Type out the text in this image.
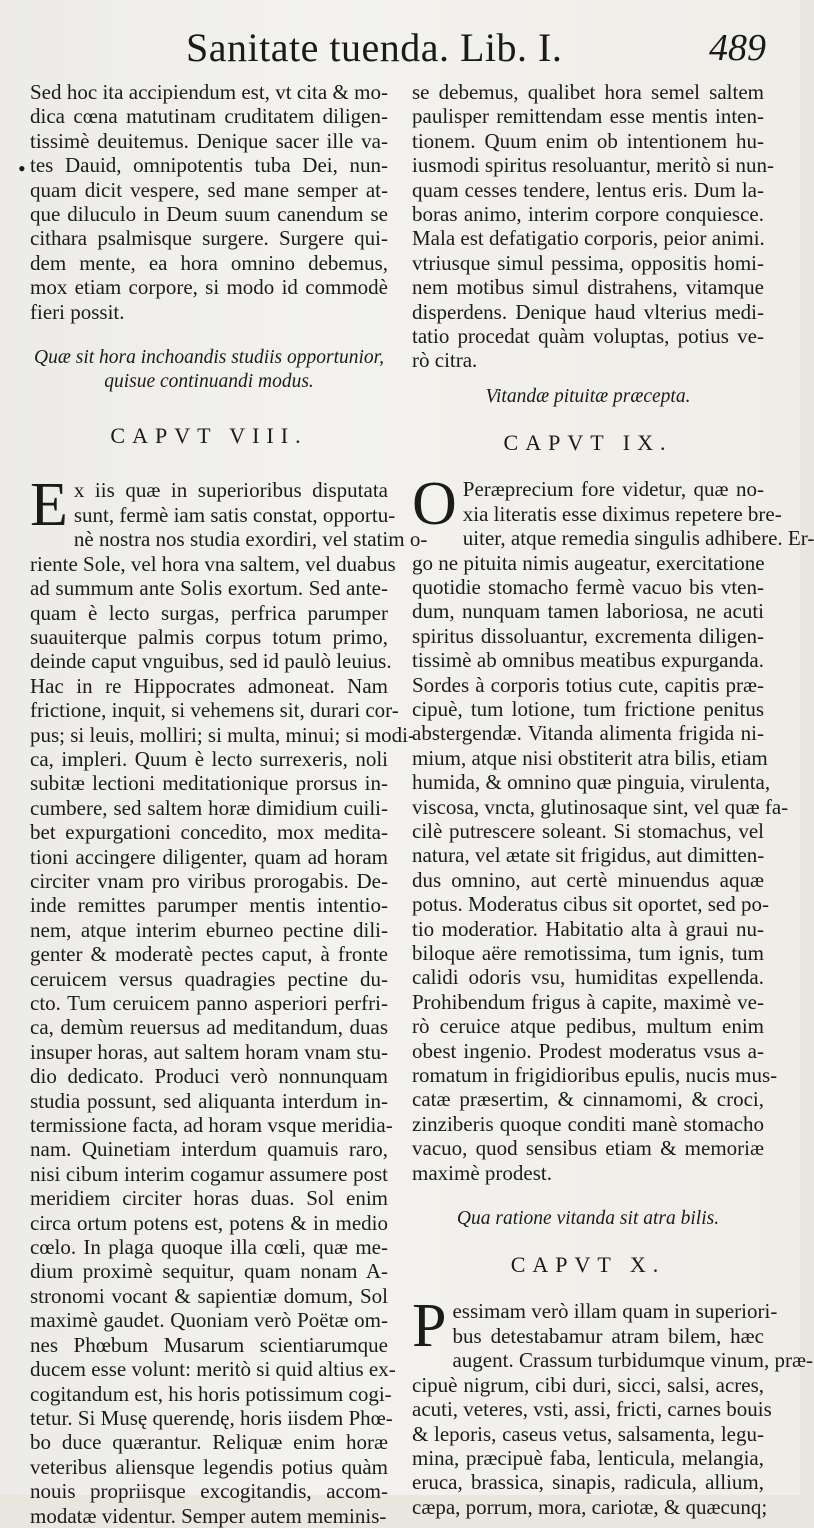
Sanitate tuenda. Lib. I.	489
•
Sed hoc ita accipiendum est, vt cita & mo-
dica cœna matutinam cruditatem diligen-
tissimè deuitemus. Denique sacer ille va-
tes Dauid, omnipotentis tuba Dei, nun-
quam dicit vespere, sed mane semper at-
que diluculo in Deum suum canendum se
cithara psalmisque surgere. Surgere qui-
dem mente, ea hora omnino debemus,
mox etiam corpore, si modo id commodè
fieri possit.
Quæ sit hora inchoandis studiis opportunior,
quisue continuandi modus.
CAPVT VIII.
E x iis quæ in superioribus disputata
sunt, fermè iam satis constat, opportu-
nè nostra nos studia exordiri, vel statim o-
riente Sole, vel hora vna saltem, vel duabus
ad summum ante Solis exortum. Sed ante-
quam è lecto surgas, perfrica parumper
suauiterque palmis corpus totum primo,
deinde caput vnguibus, sed id paulò leuius.
Hac in re Hippocrates admoneat. Nam
frictione, inquit, si vehemens sit, durari cor-
pus; si leuis, molliri; si multa, minui; si modi-
ca, impleri. Quum è lecto surrexeris, noli
subitæ lectioni meditationique prorsus in-
cumbere, sed saltem horæ dimidium cuili-
bet expurgationi concedito, mox medita-
tioni accingere diligenter, quam ad horam
circiter vnam pro viribus prorogabis. De-
inde remittes parumper mentis intentio-
nem, atque interim eburneo pectine dili-
genter & moderatè pectes caput, à fronte
ceruicem versus quadragies pectine du-
cto. Tum ceruicem panno asperiori perfri-
ca, demùm reuersus ad meditandum, duas
insuper horas, aut saltem horam vnam stu-
dio dedicato. Produci verò nonnunquam
studia possunt, sed aliquanta interdum in-
termissione facta, ad horam vsque meridia-
nam. Quinetiam interdum quamuis raro,
nisi cibum interim cogamur assumere post
meridiem circiter horas duas. Sol enim
circa ortum potens est, potens & in medio
cœlo. In plaga quoque illa cœli, quæ me-
dium proximè sequitur, quam nonam A-
stronomi vocant & sapientiæ domum, Sol
maximè gaudet. Quoniam verò Poëtæ om-
nes Phœbum Musarum scientiarumque
ducem esse volunt: meritò si quid altius ex-
cogitandum est, his horis potissimum cogi-
tetur. Si Musę querendę, horis iisdem Phœ-
bo duce quærantur. Reliquæ enim horæ
veteribus aliensque legendis potius quàm
nouis propriisque excogitandis, accom-
modatæ videntur. Semper autem meminis-
se debemus, qualibet hora semel saltem
paulisper remittendam esse mentis inten-
tionem. Quum enim ob intentionem hu-
iusmodi spiritus resoluantur, meritò si nun-
quam cesses tendere, lentus eris. Dum la-
boras animo, interim corpore conquiesce.
Mala est defatigatio corporis, peior animi.
vtriusque simul pessima, oppositis homi-
nem motibus simul distrahens, vitamque
disperdens. Denique haud vlterius medi-
tatio procedat quàm voluptas, potius ve-
rò citra.
Vitandæ pituitæ præcepta.
CAPVT IX.
O Peræprecium fore videtur, quæ no-
xia literatis esse diximus repetere bre-
uiter, atque remedia singulis adhibere. Er-
go ne pituita nimis augeatur, exercitatione
quotidie stomacho fermè vacuo bis vten-
dum, nunquam tamen laboriosa, ne acuti
spiritus dissoluantur, excrementa diligen-
tissimè ab omnibus meatibus expurganda.
Sordes à corporis totius cute, capitis præ-
cipuè, tum lotione, tum frictione penitus
abstergendæ. Vitanda alimenta frigida ni-
mium, atque nisi obstiterit atra bilis, etiam
humida, & omnino quæ pinguia, virulenta,
viscosa, vncta, glutinosaque sint, vel quæ fa-
cilè putrescere soleant. Si stomachus, vel
natura, vel ætate sit frigidus, aut dimitten-
dus omnino, aut certè minuendus aquæ
potus. Moderatus cibus sit oportet, sed po-
tio moderatior. Habitatio alta à graui nu-
biloque aëre remotissima, tum ignis, tum
calidi odoris vsu, humiditas expellenda.
Prohibendum frigus à capite, maximè ve-
rò ceruice atque pedibus, multum enim
obest ingenio. Prodest moderatus vsus a-
romatum in frigidioribus epulis, nucis mus-
catæ præsertim, & cinnamomi, & croci,
zinziberis quoque conditi manè stomacho
vacuo, quod sensibus etiam & memoriæ
maximè prodest.
Qua ratione vitanda sit atra bilis.
CAPVT X.
P essimam verò illam quam in superiori-
bus detestabamur atram bilem, hæc
augent. Crassum turbidumque vinum, præ-
cipuè nigrum, cibi duri, sicci, salsi, acres,
acuti, veteres, vsti, assi, fricti, carnes bouis
& leporis, caseus vetus, salsamenta, legu-
mina, præcipuè faba, lenticula, melangia,
eruca, brassica, sinapis, radicula, allium,
cæpa, porrum, mora, cariotæ, & quæcunq;
